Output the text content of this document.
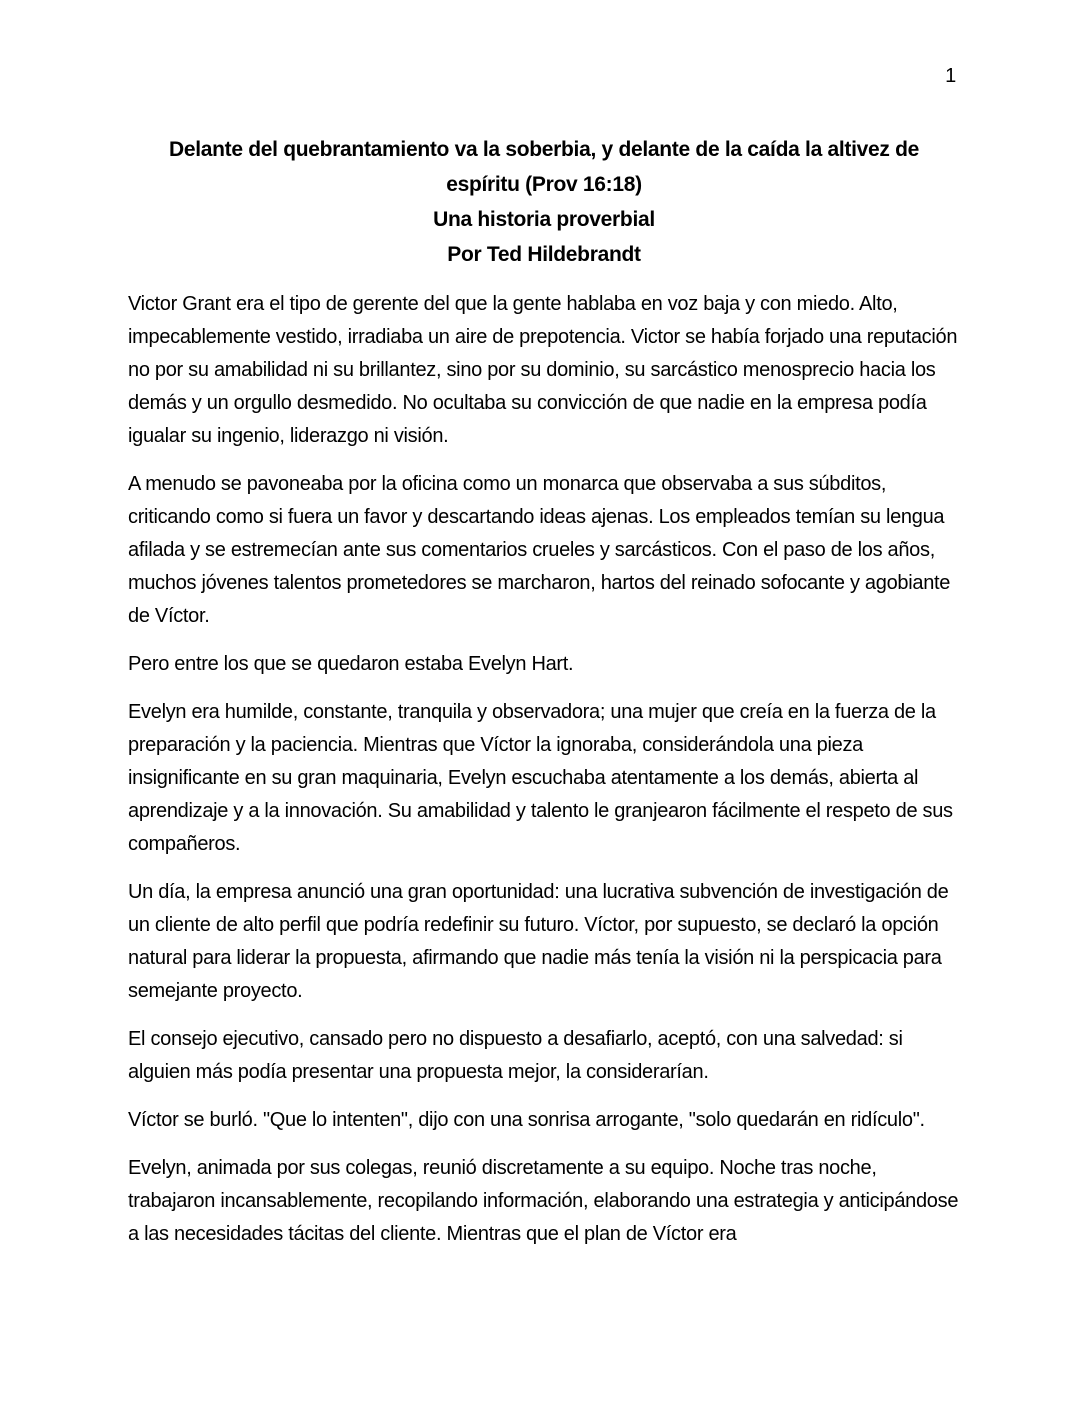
1
Delante del quebrantamiento va la soberbia, y delante de la caída la altivez de
espíritu (Prov 16:18)
Una historia proverbial
Por Ted Hildebrandt

Victor Grant era el tipo de gerente del que la gente hablaba en voz baja y con miedo. Alto, impecablemente vestido, irradiaba un aire de prepotencia. Victor se había forjado una reputación no por su amabilidad ni su brillantez, sino por su dominio, su sarcástico menosprecio hacia los demás y un orgullo desmedido. No ocultaba su convicción de que nadie en la empresa podía igualar su ingenio, liderazgo ni visión.

A menudo se pavoneaba por la oficina como un monarca que observaba a sus súbditos, criticando como si fuera un favor y descartando ideas ajenas. Los empleados temían su lengua afilada y se estremecían ante sus comentarios crueles y sarcásticos. Con el paso de los años, muchos jóvenes talentos prometedores se marcharon, hartos del reinado sofocante y agobiante de Víctor.

Pero entre los que se quedaron estaba Evelyn Hart.

Evelyn era humilde, constante, tranquila y observadora; una mujer que creía en la fuerza de la preparación y la paciencia. Mientras que Víctor la ignoraba, considerándola una pieza insignificante en su gran maquinaria, Evelyn escuchaba atentamente a los demás, abierta al aprendizaje y a la innovación. Su amabilidad y talento le granjearon fácilmente el respeto de sus compañeros.

Un día, la empresa anunció una gran oportunidad: una lucrativa subvención de investigación de un cliente de alto perfil que podría redefinir su futuro. Víctor, por supuesto, se declaró la opción natural para liderar la propuesta, afirmando que nadie más tenía la visión ni la perspicacia para semejante proyecto.

El consejo ejecutivo, cansado pero no dispuesto a desafiarlo, aceptó, con una salvedad: si alguien más podía presentar una propuesta mejor, la considerarían.

Víctor se burló. "Que lo intenten", dijo con una sonrisa arrogante, "solo quedarán en ridículo".

Evelyn, animada por sus colegas, reunió discretamente a su equipo. Noche tras noche, trabajaron incansablemente, recopilando información, elaborando una estrategia y anticipándose a las necesidades tácitas del cliente. Mientras que el plan de Víctor era
